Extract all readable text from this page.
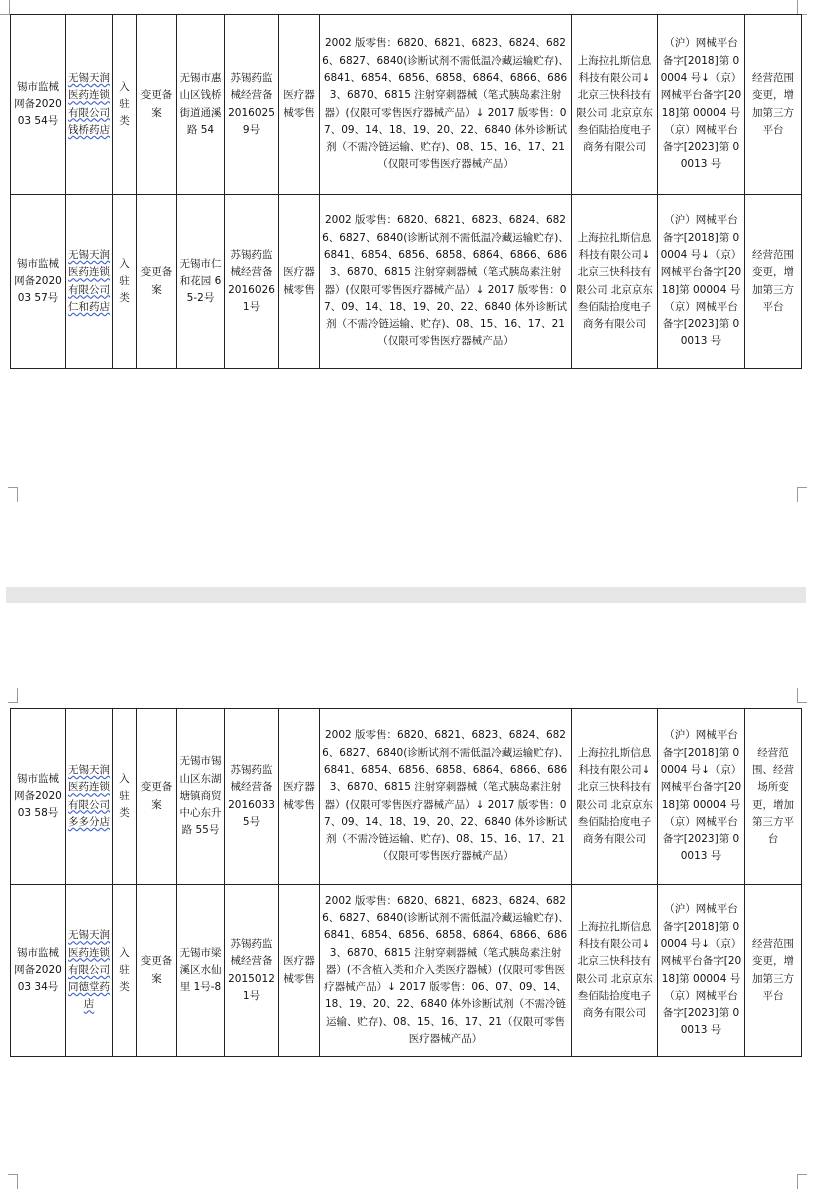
锡市监械网备202003 54号	无锡天润医药连锁有限公司钱桥药店	入驻类	变更备案	无锡市惠山区钱桥街道通溪路 54	苏锡药监械经营备 20160259号	医疗器械零售	2002 版零售：6820、6821、6823、6824、6826、6827、6840(诊断试剂不需低温冷藏运输贮存)、6841、6854、6856、6858、6864、6866、6863、6870、6815 注射穿刺器械（笔式胰岛素注射器）(仅限可零售医疗器械产品）↓ 2017 版零售：07、09、14、18、19、20、22、6840 体外诊断试剂（不需冷链运输、贮存)、08、15、16、17、21（仅限可零售医疗器械产品）	上海拉扎斯信息科技有限公司↓ 北京三快科技有限公司 北京京东叁佰陆拾度电子商务有限公司	（沪）网械平台备字[2018]第 00004 号↓（京）网械平台备字[2018]第 00004 号（京）网械平台备字[2023]第 00013 号	经营范围变更，增加第三方平台
锡市监械网备202003 57号	无锡天润医药连锁有限公司仁和药店	入驻类	变更备案	无锡市仁和花园 65-2号	苏锡药监械经营备 20160261号	医疗器械零售	2002 版零售：6820、6821、6823、6824、6826、6827、6840(诊断试剂不需低温冷藏运输贮存)、6841、6854、6856、6858、6864、6866、6863、6870、6815 注射穿刺器械（笔式胰岛素注射器）(仅限可零售医疗器械产品）↓ 2017 版零售：07、09、14、18、19、20、22、6840 体外诊断试剂（不需冷链运输、贮存)、08、15、16、17、21（仅限可零售医疗器械产品）	上海拉扎斯信息科技有限公司↓ 北京三快科技有限公司 北京京东叁佰陆拾度电子商务有限公司	（沪）网械平台备字[2018]第 00004 号↓（京）网械平台备字[2018]第 00004 号（京）网械平台备字[2023]第 00013 号	经营范围变更，增加第三方平台
锡市监械网备202003 58号	无锡天润医药连锁有限公司多多分店	入驻类	变更备案	无锡市锡山区东湖塘镇商贸中心东升路 55号	苏锡药监械经营备 20160335号	医疗器械零售	2002 版零售：6820、6821、6823、6824、6826、6827、6840(诊断试剂不需低温冷藏运输贮存)、6841、6854、6856、6858、6864、6866、6863、6870、6815 注射穿刺器械（笔式胰岛素注射器）(仅限可零售医疗器械产品）↓ 2017 版零售：07、09、14、18、19、20、22、6840 体外诊断试剂（不需冷链运输、贮存)、08、15、16、17、21（仅限可零售医疗器械产品）	上海拉扎斯信息科技有限公司↓ 北京三快科技有限公司 北京京东叁佰陆拾度电子商务有限公司	（沪）网械平台备字[2018]第 00004 号↓（京）网械平台备字[2018]第 00004 号（京）网械平台备字[2023]第 00013 号	经营范围、经营场所变更，增加第三方平台
锡市监械网备202003 34号	无锡天润医药连锁有限公司同德堂药店	入驻类	变更备案	无锡市梁溪区水仙里 1号-8	苏锡药监械经营备 20150121号	医疗器械零售	2002 版零售：6820、6821、6823、6824、6826、6827、6840(诊断试剂不需低温冷藏运输贮存)、6841、6854、6856、6858、6864、6866、6863、6870、6815 注射穿刺器械（笔式胰岛素注射器）(不含植入类和介入类医疗器械）(仅限可零售医疗器械产品）↓ 2017 版零售：06、07、09、14、18、19、20、22、6840 体外诊断试剂（不需冷链运输、贮存)、08、15、16、17、21（仅限可零售医疗器械产品）	上海拉扎斯信息科技有限公司↓ 北京三快科技有限公司 北京京东叁佰陆拾度电子商务有限公司	（沪）网械平台备字[2018]第 00004 号↓（京）网械平台备字[2018]第 00004 号（京）网械平台备字[2023]第 00013 号	经营范围变更，增加第三方平台
